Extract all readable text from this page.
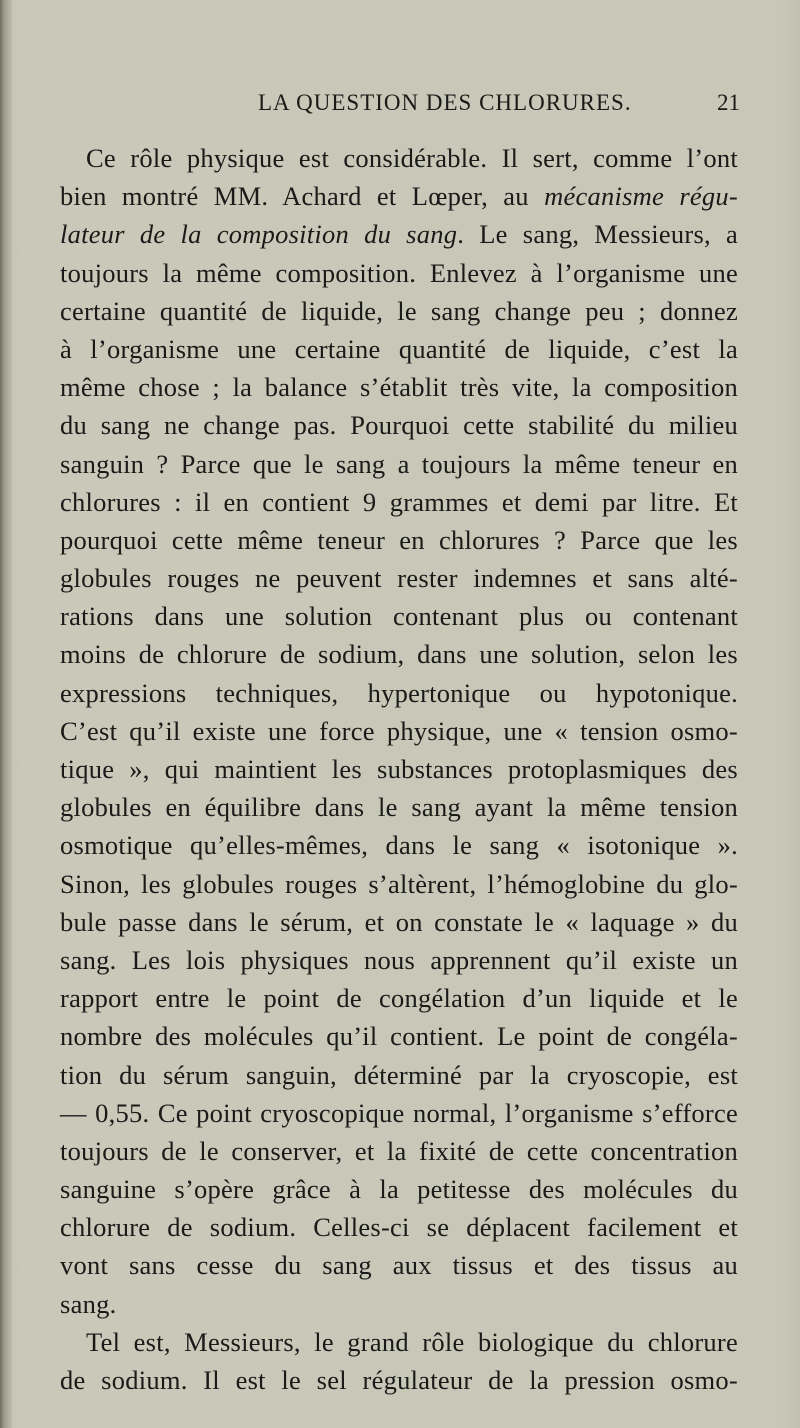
LA QUESTION DES CHLORURES.	21
Ce rôle physique est considérable. Il sert, comme l’ont
bien montré MM. Achard et Lœper, au mécanisme régu-
lateur de la composition du sang. Le sang, Messieurs, a
toujours la même composition. Enlevez à l’organisme une
certaine quantité de liquide, le sang change peu ; donnez
à l’organisme une certaine quantité de liquide, c’est la
même chose ; la balance s’établit très vite, la composition
du sang ne change pas. Pourquoi cette stabilité du milieu
sanguin ? Parce que le sang a toujours la même teneur en
chlorures : il en contient 9 grammes et demi par litre. Et
pourquoi cette même teneur en chlorures ? Parce que les
globules rouges ne peuvent rester indemnes et sans alté-
rations dans une solution contenant plus ou contenant
moins de chlorure de sodium, dans une solution, selon les
expressions techniques, hypertonique ou hypotonique.
C’est qu’il existe une force physique, une « tension osmo-
tique », qui maintient les substances protoplasmiques des
globules en équilibre dans le sang ayant la même tension
osmotique qu’elles-mêmes, dans le sang « isotonique ».
Sinon, les globules rouges s’altèrent, l’hémoglobine du glo-
bule passe dans le sérum, et on constate le « laquage » du
sang. Les lois physiques nous apprennent qu’il existe un
rapport entre le point de congélation d’un liquide et le
nombre des molécules qu’il contient. Le point de congéla-
tion du sérum sanguin, déterminé par la cryoscopie, est
— 0,55. Ce point cryoscopique normal, l’organisme s’efforce
toujours de le conserver, et la fixité de cette concentration
sanguine s’opère grâce à la petitesse des molécules du
chlorure de sodium. Celles-ci se déplacent facilement et
vont sans cesse du sang aux tissus et des tissus au
sang.
Tel est, Messieurs, le grand rôle biologique du chlorure
de sodium. Il est le sel régulateur de la pression osmo-
